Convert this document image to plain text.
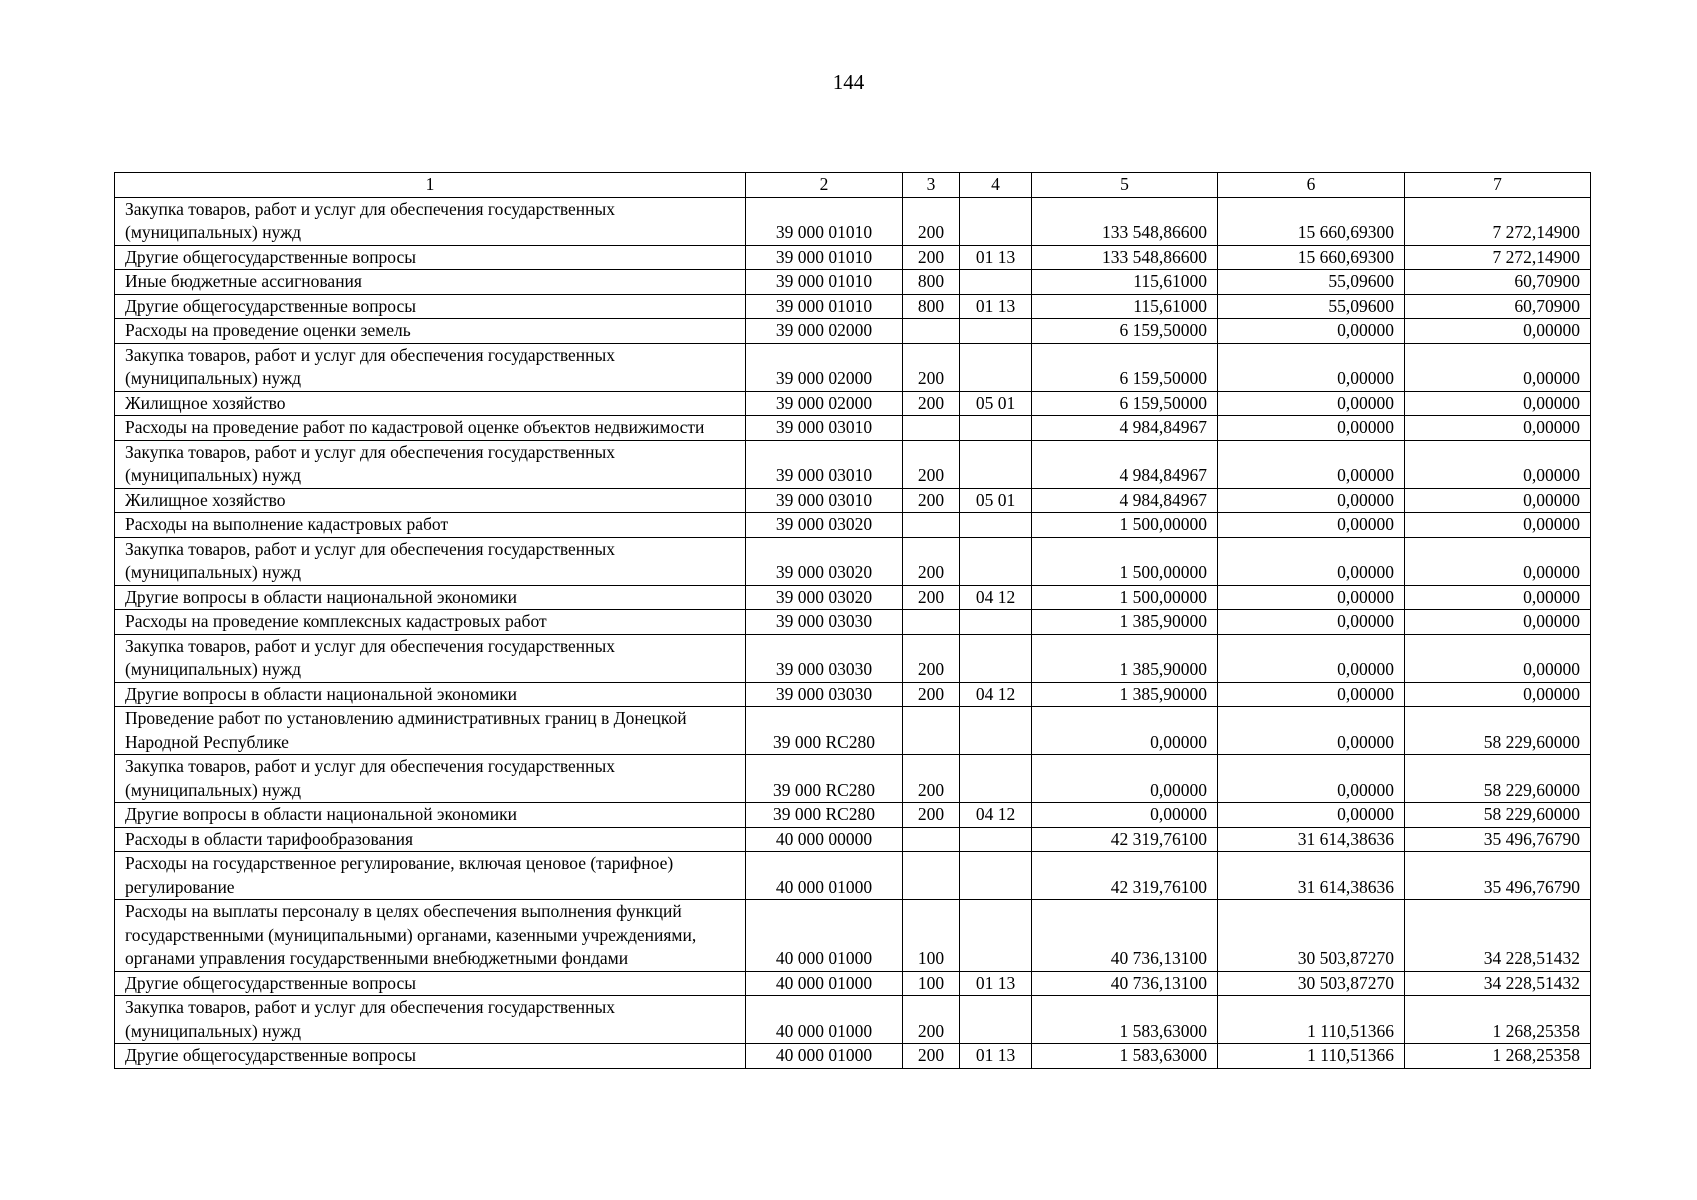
144
1	2	3	4	5	6	7
Закупка товаров, работ и услуг для обеспечения государственных (муниципальных) нужд	39 000 01010	200		133 548,86600	15 660,69300	7 272,14900
Другие общегосударственные вопросы	39 000 01010	200	01 13	133 548,86600	15 660,69300	7 272,14900
Иные бюджетные ассигнования	39 000 01010	800		115,61000	55,09600	60,70900
Другие общегосударственные вопросы	39 000 01010	800	01 13	115,61000	55,09600	60,70900
Расходы на проведение оценки земель	39 000 02000			6 159,50000	0,00000	0,00000
Закупка товаров, работ и услуг для обеспечения государственных (муниципальных) нужд	39 000 02000	200		6 159,50000	0,00000	0,00000
Жилищное хозяйство	39 000 02000	200	05 01	6 159,50000	0,00000	0,00000
Расходы на проведение работ по кадастровой оценке объектов недвижимости	39 000 03010			4 984,84967	0,00000	0,00000
Закупка товаров, работ и услуг для обеспечения государственных (муниципальных) нужд	39 000 03010	200		4 984,84967	0,00000	0,00000
Жилищное хозяйство	39 000 03010	200	05 01	4 984,84967	0,00000	0,00000
Расходы на выполнение кадастровых работ	39 000 03020			1 500,00000	0,00000	0,00000
Закупка товаров, работ и услуг для обеспечения государственных (муниципальных) нужд	39 000 03020	200		1 500,00000	0,00000	0,00000
Другие вопросы в области национальной экономики	39 000 03020	200	04 12	1 500,00000	0,00000	0,00000
Расходы на проведение комплексных кадастровых работ	39 000 03030			1 385,90000	0,00000	0,00000
Закупка товаров, работ и услуг для обеспечения государственных (муниципальных) нужд	39 000 03030	200		1 385,90000	0,00000	0,00000
Другие вопросы в области национальной экономики	39 000 03030	200	04 12	1 385,90000	0,00000	0,00000
Проведение работ по установлению административных границ в Донецкой Народной Республике	39 000 RC280			0,00000	0,00000	58 229,60000
Закупка товаров, работ и услуг для обеспечения государственных (муниципальных) нужд	39 000 RC280	200		0,00000	0,00000	58 229,60000
Другие вопросы в области национальной экономики	39 000 RC280	200	04 12	0,00000	0,00000	58 229,60000
Расходы в области тарифообразования	40 000 00000			42 319,76100	31 614,38636	35 496,76790
Расходы на государственное регулирование, включая ценовое (тарифное) регулирование	40 000 01000			42 319,76100	31 614,38636	35 496,76790
Расходы на выплаты персоналу в целях обеспечения выполнения функций государственными (муниципальными) органами, казенными учреждениями, органами управления государственными внебюджетными фондами	40 000 01000	100		40 736,13100	30 503,87270	34 228,51432
Другие общегосударственные вопросы	40 000 01000	100	01 13	40 736,13100	30 503,87270	34 228,51432
Закупка товаров, работ и услуг для обеспечения государственных (муниципальных) нужд	40 000 01000	200		1 583,63000	1 110,51366	1 268,25358
Другие общегосударственные вопросы	40 000 01000	200	01 13	1 583,63000	1 110,51366	1 268,25358
